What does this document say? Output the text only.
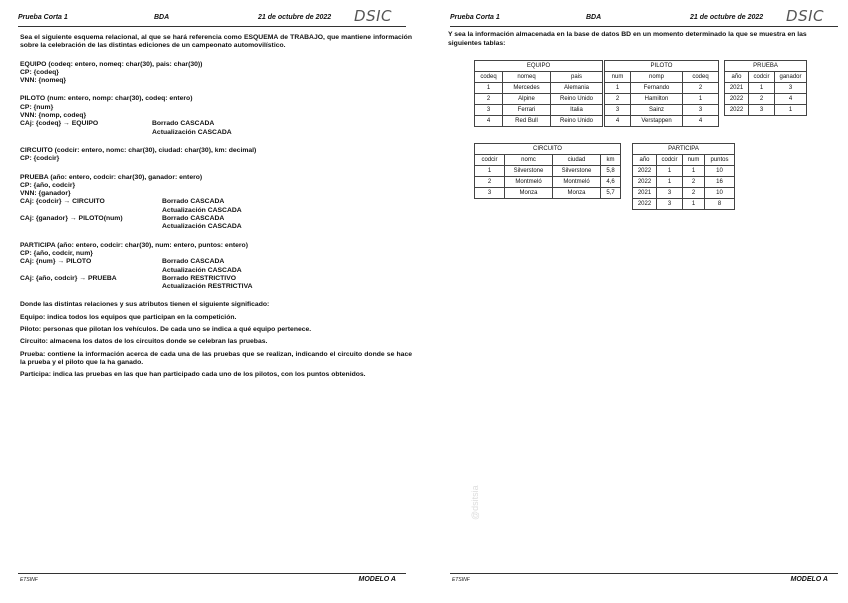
Prueba Corta 1	BDA	21 de octubre de 2022 DSIC

Sea el siguiente esquema relacional, al que se hará referencia como ESQUEMA de TRABAJO, que mantiene información sobre la celebración de las distintas ediciones de un campeonato automovilístico.

EQUIPO (codeq: entero, nomeq: char(30), pais: char(30))
CP: {codeq}
VNN: {nomeq}
PILOTO (num: entero, nomp: char(30), codeq: entero)
CP: {num}
VNN: {nomp, codeq}
CAj: {codeq} → EQUIPO	Borrado CASCADA
Actualización CASCADA
CIRCUITO (codcir: entero, nomc: char(30), ciudad: char(30), km: decimal)
CP: {codcir}
PRUEBA (año: entero, codcir: char(30), ganador: entero)
CP: {año, codcir}
VNN: {ganador}
CAj: {codcir} → CIRCUITO	Borrado CASCADA
Actualización CASCADA
CAj: {ganador} → PILOTO(num)	Borrado CASCADA
Actualización CASCADA
PARTICIPA (año: entero, codcir: char(30), num: entero, puntos: entero)
CP: {año, codcir, num}
CAj: {num} → PILOTO	Borrado CASCADA
Actualización CASCADA
CAj: {año, codcir} → PRUEBA	Borrado RESTRICTIVO
Actualización RESTRICTIVA

Donde las distintas relaciones y sus atributos tienen el siguiente significado:

Equipo: indica todos los equipos que participan en la competición.

Piloto: personas que pilotan los vehículos. De cada uno se indica a qué equipo pertenece.

Circuito: almacena los datos de los circuitos donde se celebran las pruebas.

Prueba: contiene la información acerca de cada una de las pruebas que se realizan, indicando el circuito donde se hace la prueba y el piloto que la ha ganado.

Participa: indica las pruebas en las que han participado cada uno de los pilotos, con los puntos obtenidos.

ETSINF	MODELO A
Prueba Corta 1	BDA	21 de octubre de 2022 DSIC

Y sea la información almacenada en la base de datos BD en un momento determinado la que se muestra en las siguientes tablas:

EQUIPO		
codeq	nomeq	pais
1	Mercedes	Alemania
2	Alpine	Reino Unido
3	Ferrari	Italia
4	Red Bull	Reino Unido
PILOTO		
num	nomp	codeq
1	Fernando	2
2	Hamilton	1
3	Sainz	3
4	Verstappen	4
PRUEBA		
año	codcir	ganador
2021	1	3
2022	2	4
2022	3	1
CIRCUITO			
codcir	nomc	ciudad	km
1	Silverstone	Silverstone	5,8
2	Montmeló	Montmeló	4,6
3	Monza	Monza	5,7
PARTICIPA			
año	codcir	num	puntos
2022	1	1	10
2022	1	2	16
2021	3	2	10
2022	3	1	8
ETSINF	MODELO A
@dsitsia
